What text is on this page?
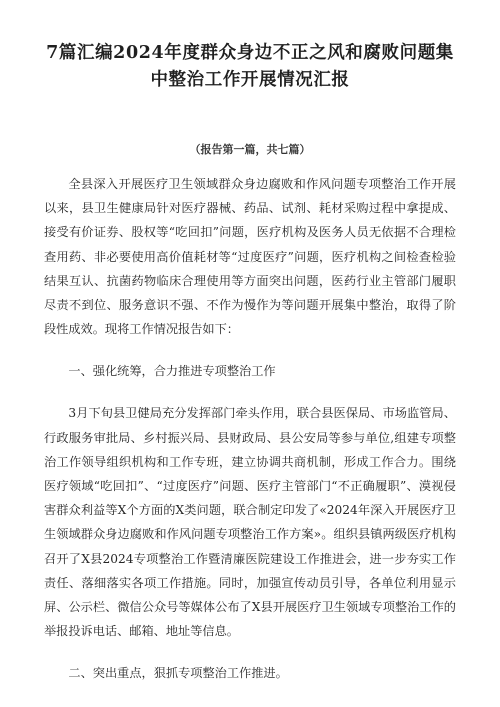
7篇汇编2024年度群众身边不正之风和腐败问题集
中整治工作开展情况汇报

（报告第一篇，共七篇）

全县深入开展医疗卫生领域群众身边腐败和作风问题专项整治工作开展以来，县卫生健康局针对医疗器械、药品、试剂、耗材采购过程中拿提成、接受有价证券、股权等“吃回扣”问题，医疗机构及医务人员无依据不合理检查用药、非必要使用高价值耗材等“过度医疗”问题，医疗机构之间检查检验结果互认、抗菌药物临床合理使用等方面突出问题，医药行业主管部门履职尽责不到位、服务意识不强、不作为慢作为等问题开展集中整治，取得了阶段性成效。现将工作情况报告如下：

一、强化统筹，合力推进专项整治工作

3月下旬县卫健局充分发挥部门牵头作用，联合县医保局、市场监管局、行政服务审批局、乡村振兴局、县财政局、县公安局等参与单位,组建专项整治工作领导组织机构和工作专班，建立协调共商机制，形成工作合力。围绕医疗领域“吃回扣”、“过度医疗”问题、医疗主管部门“不正确履职”、漠视侵害群众利益等X个方面的X类问题，联合制定印发了«2024年深入开展医疗卫生领域群众身边腐败和作风问题专项整治工作方案»。组织县镇两级医疗机构召开了X县2024专项整治工作暨清廉医院建设工作推进会，进一步夯实工作责任、落细落实各项工作措施。同时，加强宣传动员引导，各单位利用显示屏、公示栏、微信公众号等媒体公布了X县开展医疗卫生领域专项整治工作的举报投诉电话、邮箱、地址等信息。

二、突出重点，狠抓专项整治工作推进。
